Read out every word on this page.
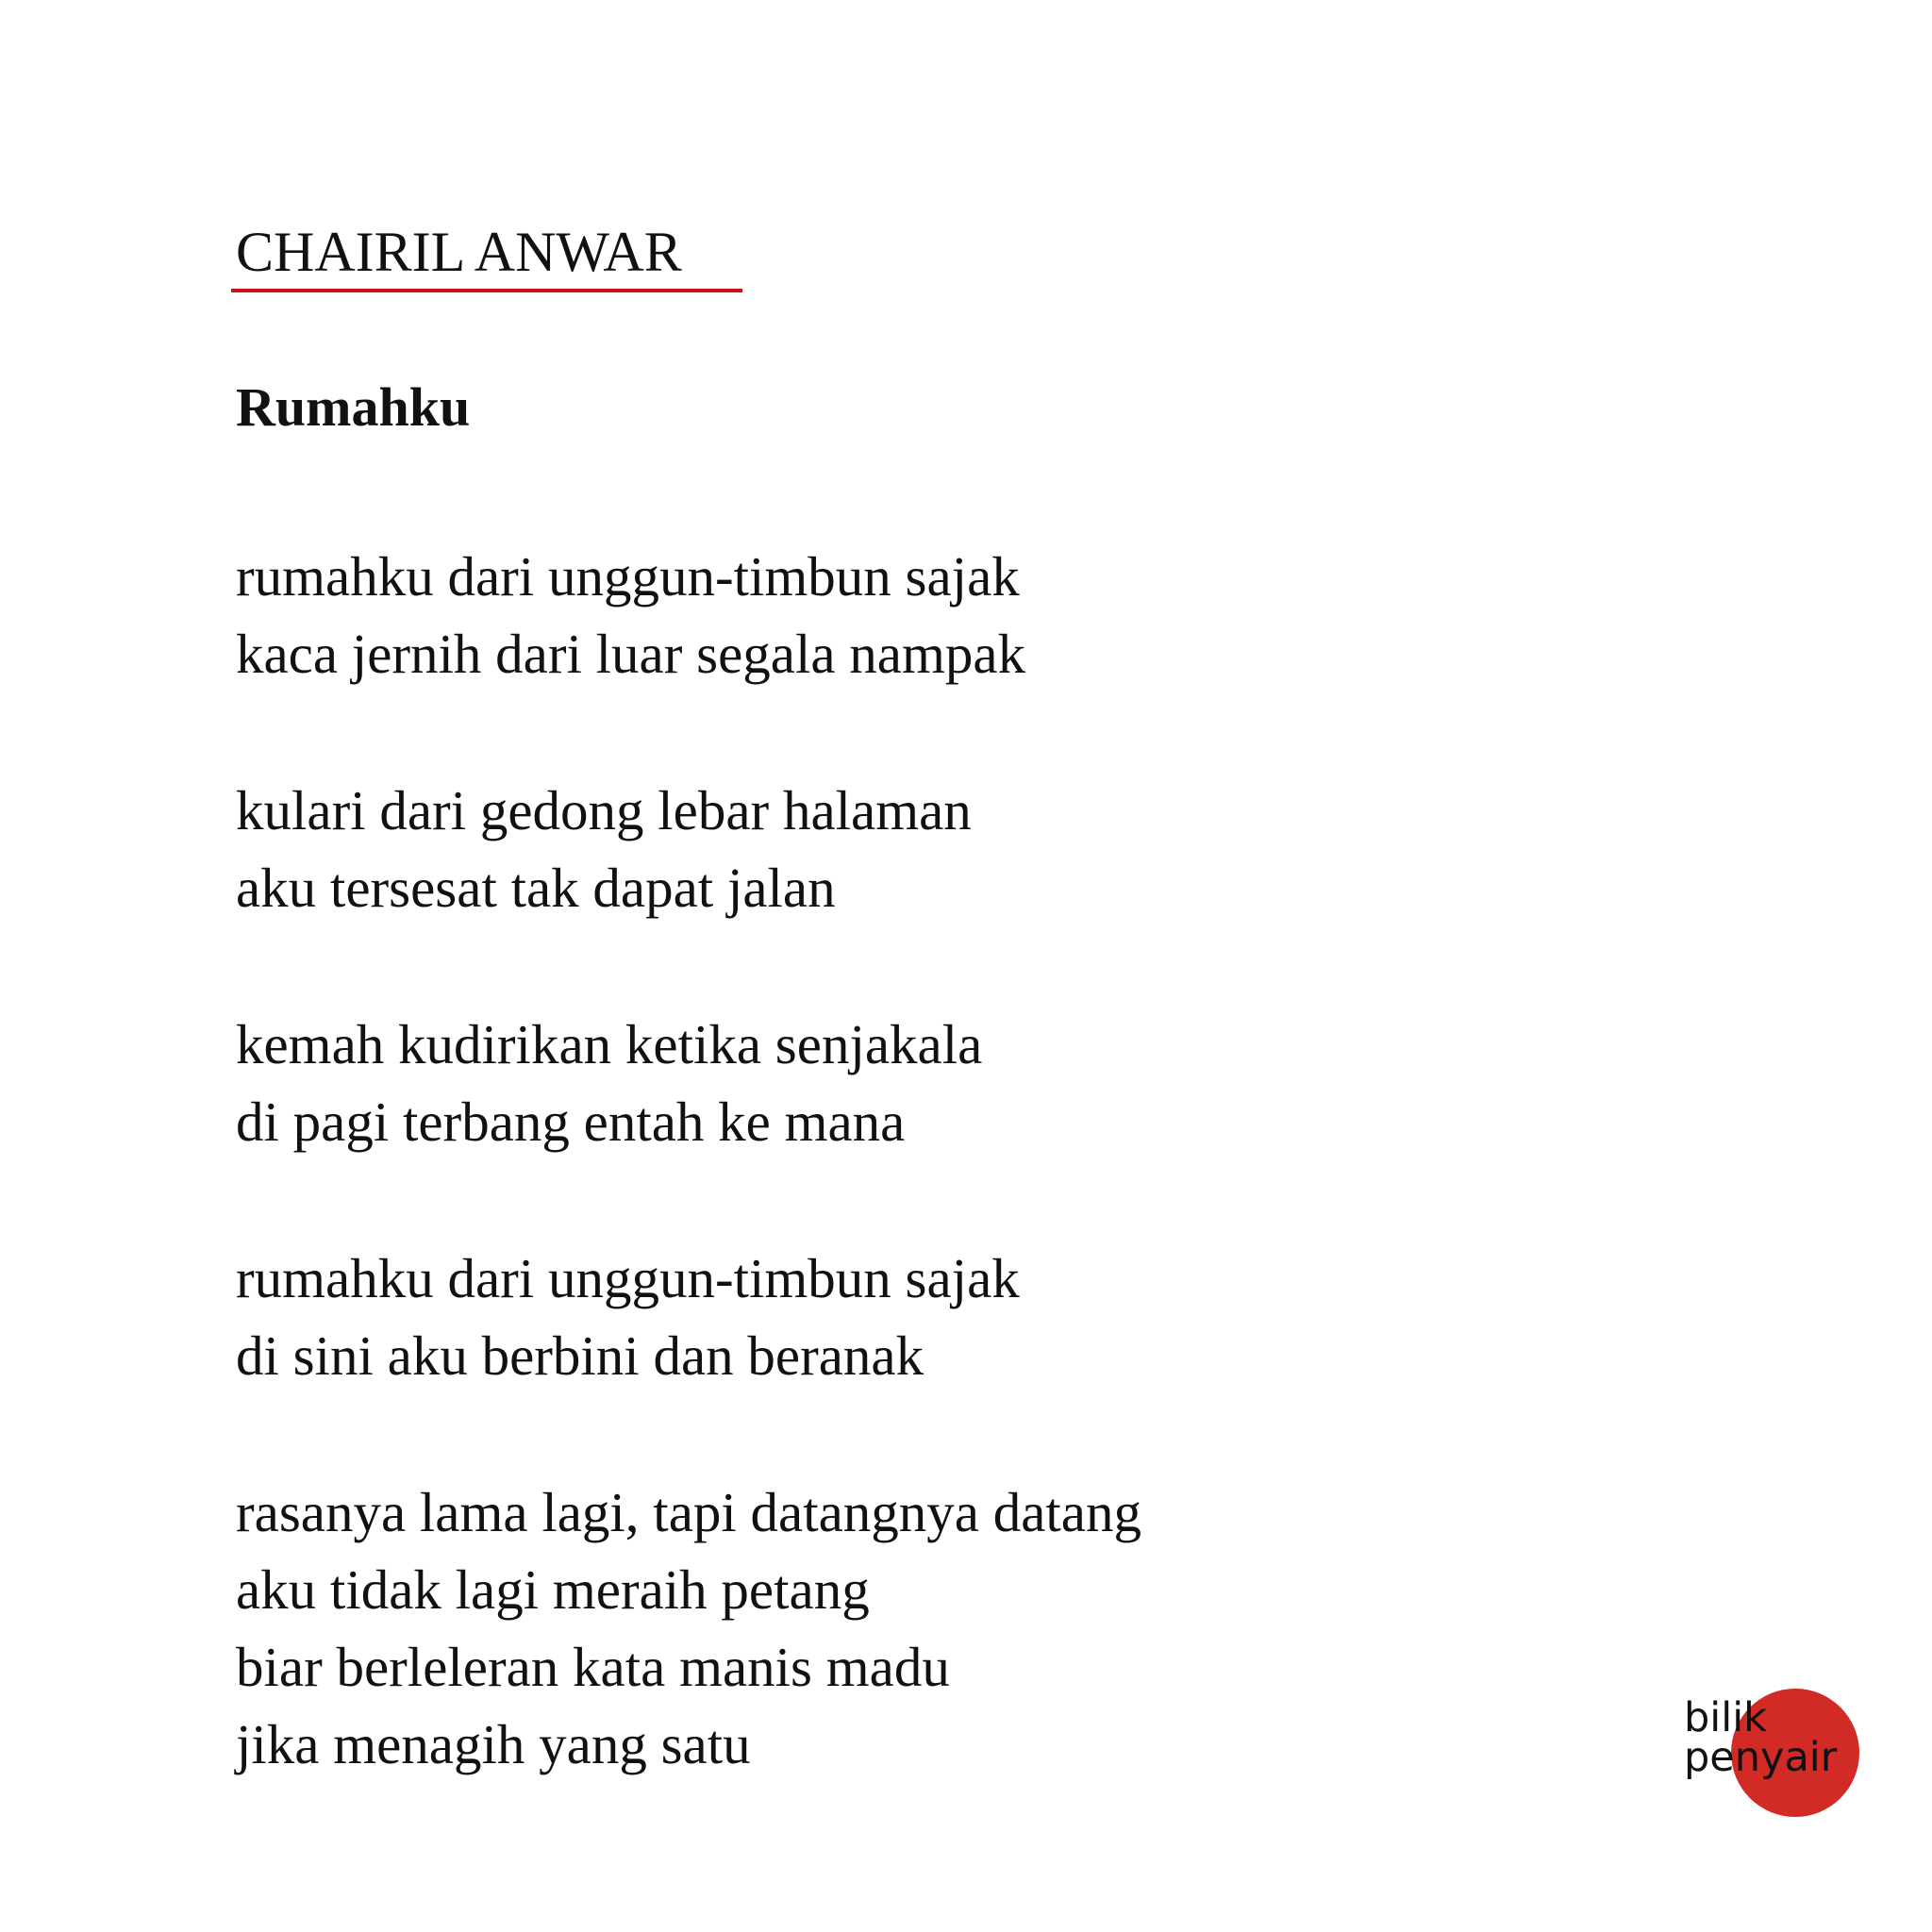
CHAIRIL ANWAR
Rumahku
rumahku dari unggun-timbun sajak
kaca jernih dari luar segala nampak
kulari dari gedong lebar halaman
aku tersesat tak dapat jalan
kemah kudirikan ketika senjakala
di pagi terbang entah ke mana
rumahku dari unggun-timbun sajak
di sini aku berbini dan beranak
rasanya lama lagi, tapi datangnya datang
aku tidak lagi meraih petang
biar berleleran kata manis madu
jika menagih yang satu	bilik
penyair
